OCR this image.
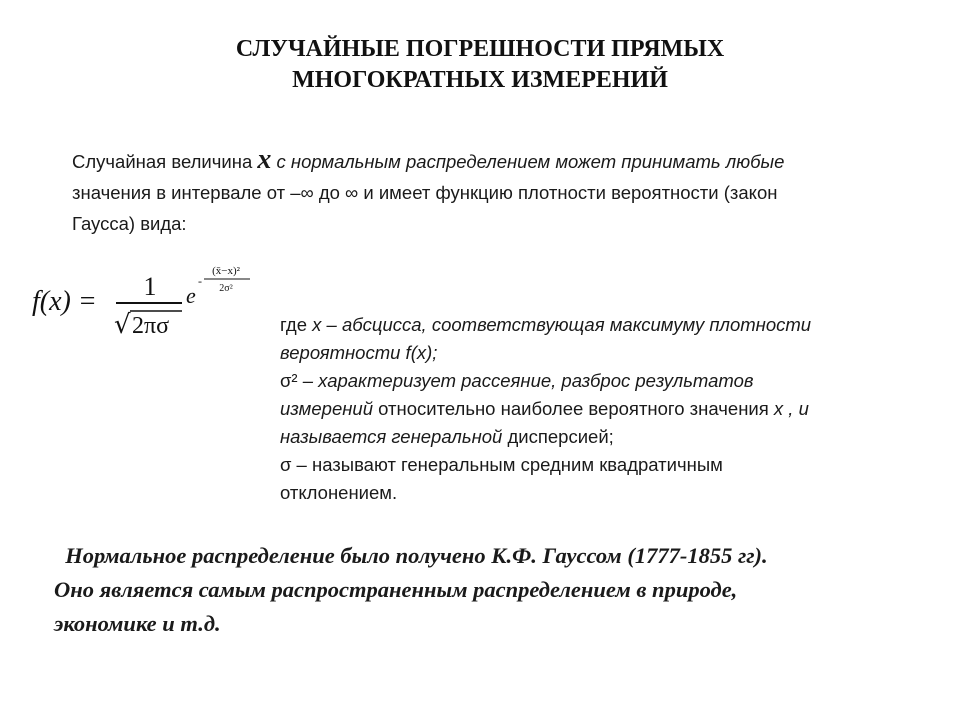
СЛУЧАЙНЫЕ ПОГРЕШНОСТИ ПРЯМЫХ
МНОГОКРАТНЫХ ИЗМЕРЕНИЙ
Случайная величина x с нормальным распределением может принимать любые
значения в интервале от –∞ до ∞ и имеет функцию плотности вероятности (закон
Гаусса) вида:
f(x) = 1
√ 2πσ
e
-
(x̄−x)²
2σ²
где x – абсцисса, соответствующая максимуму плотности
вероятности f(x);
σ² – характеризует рассеяние, разброс результатов
измерений относительно наиболее вероятного значения x , и
называется генеральной дисперсией;
σ – называют генеральным средним квадратичным
отклонением.
Нормальное распределение было получено К.Ф. Гауссом (1777-1855 гг).
Оно является самым распространенным распределением в природе,
экономике и т.д.
